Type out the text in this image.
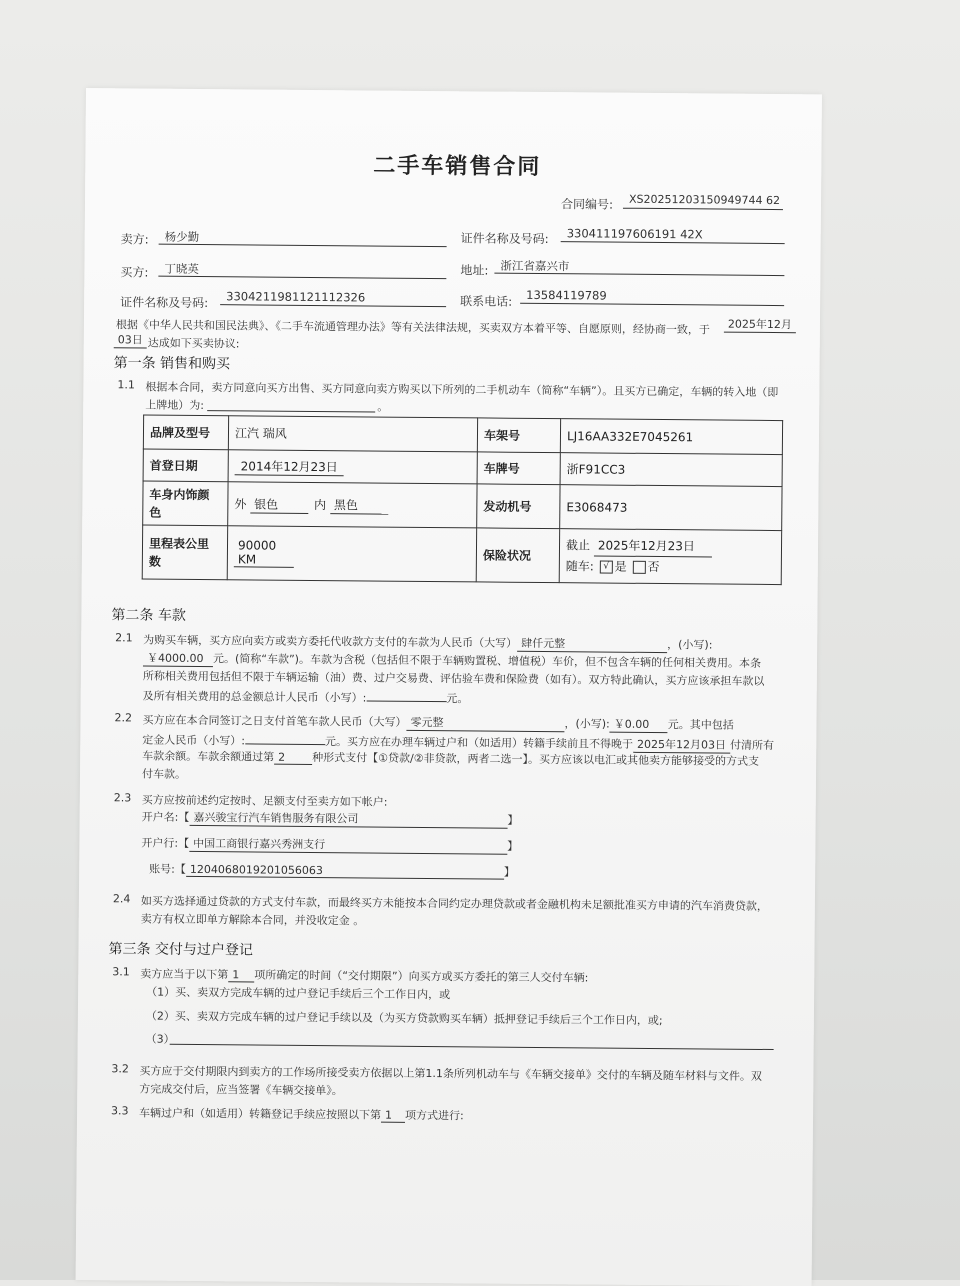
二手车销售合同
合同编号:	XS20251203150949744 62
卖方:	杨少勤	证件名称及号码:	330411197606191 42X
买方:	丁晓英	地址:	浙江省嘉兴市
证件名称及号码:	3304211981121112326	联系电话:	13584119789
根据《中华人民共和国民法典》、《二手车流通管理办法》等有关法律法规，买卖双方本着平等、自愿原则，经协商一致，于	2025年12月
03日 达成如下买卖协议:
第一条 销售和购买
1.1 根据本合同，卖方同意向买方出售、买方同意向卖方购买以下所列的二手机动车（简称“车辆”）。且买方已确定，车辆的转入地（即
上牌地）为:	。
品牌及型号	江汽 瑞风	车架号	LJ16AA332E7045261
首登日期	2014年12月23日	车牌号	浙F91CC3
车身内饰颜
色	外 银色 内 黑色	发动机号	E3068473
里程表公里
数	90000 KM	保险状况	截止 2025年12月23日
随车: √ 是 否
第二条 车款
2.1 为购买车辆，买方应向卖方或卖方委托代收款方支付的车款为人民币（大写） 肆仟元整	，(小写):
￥4000.00 元。(简称“车款”)。车款为含税（包括但不限于车辆购置税、增值税）车价，但不包含车辆的任何相关费用。本条
所称相关费用包括但不限于车辆运输（油）费、过户交易费、评估验车费和保险费（如有）。双方特此确认，买方应该承担车款以
及所有相关费用的总金额总计人民币（小写）:	元。
2.2 买方应在本合同签订之日支付首笔车款人民币（大写） 零元整	，(小写): ￥0.00 元。其中包括
定金人民币（小写）:	元。买方应在办理车辆过户和（如适用）转籍手续前且不得晚于 2025年12月03日 付清所有
车款余额。车款余额通过第 2 种形式支付【①贷款/②非贷款，两者二选一】。买方应该以电汇或其他卖方能够接受的方式支
付车款。
2.3 买方应按前述约定按时、足额支付至卖方如下帐户:
开户名:【 嘉兴骏宝行汽车销售服务有限公司	】
开户行:【 中国工商银行嘉兴秀洲支行	】
账号:【 1204068019201056063	】
2.4 如买方选择通过贷款的方式支付车款，而最终买方未能按本合同约定办理贷款或者金融机构未足额批准买方申请的汽车消费贷款，
卖方有权立即单方解除本合同，并没收定金 。
第三条 交付与过户登记
3.1 卖方应当于以下第 1 项所确定的时间（“交付期限”）向买方或买方委托的第三人交付车辆:
（1）买、卖双方完成车辆的过户登记手续后三个工作日内，或
（2）买、卖双方完成车辆的过户登记手续以及（为买方贷款购买车辆）抵押登记手续后三个工作日内，或;
（3）
3.2 买方应于交付期限内到卖方的工作场所接受卖方依据以上第1.1条所列机动车与《车辆交接单》交付的车辆及随车材料与文件。双
方完成交付后，应当签署《车辆交接单》。
3.3 车辆过户和（如适用）转籍登记手续应按照以下第 1 项方式进行:
